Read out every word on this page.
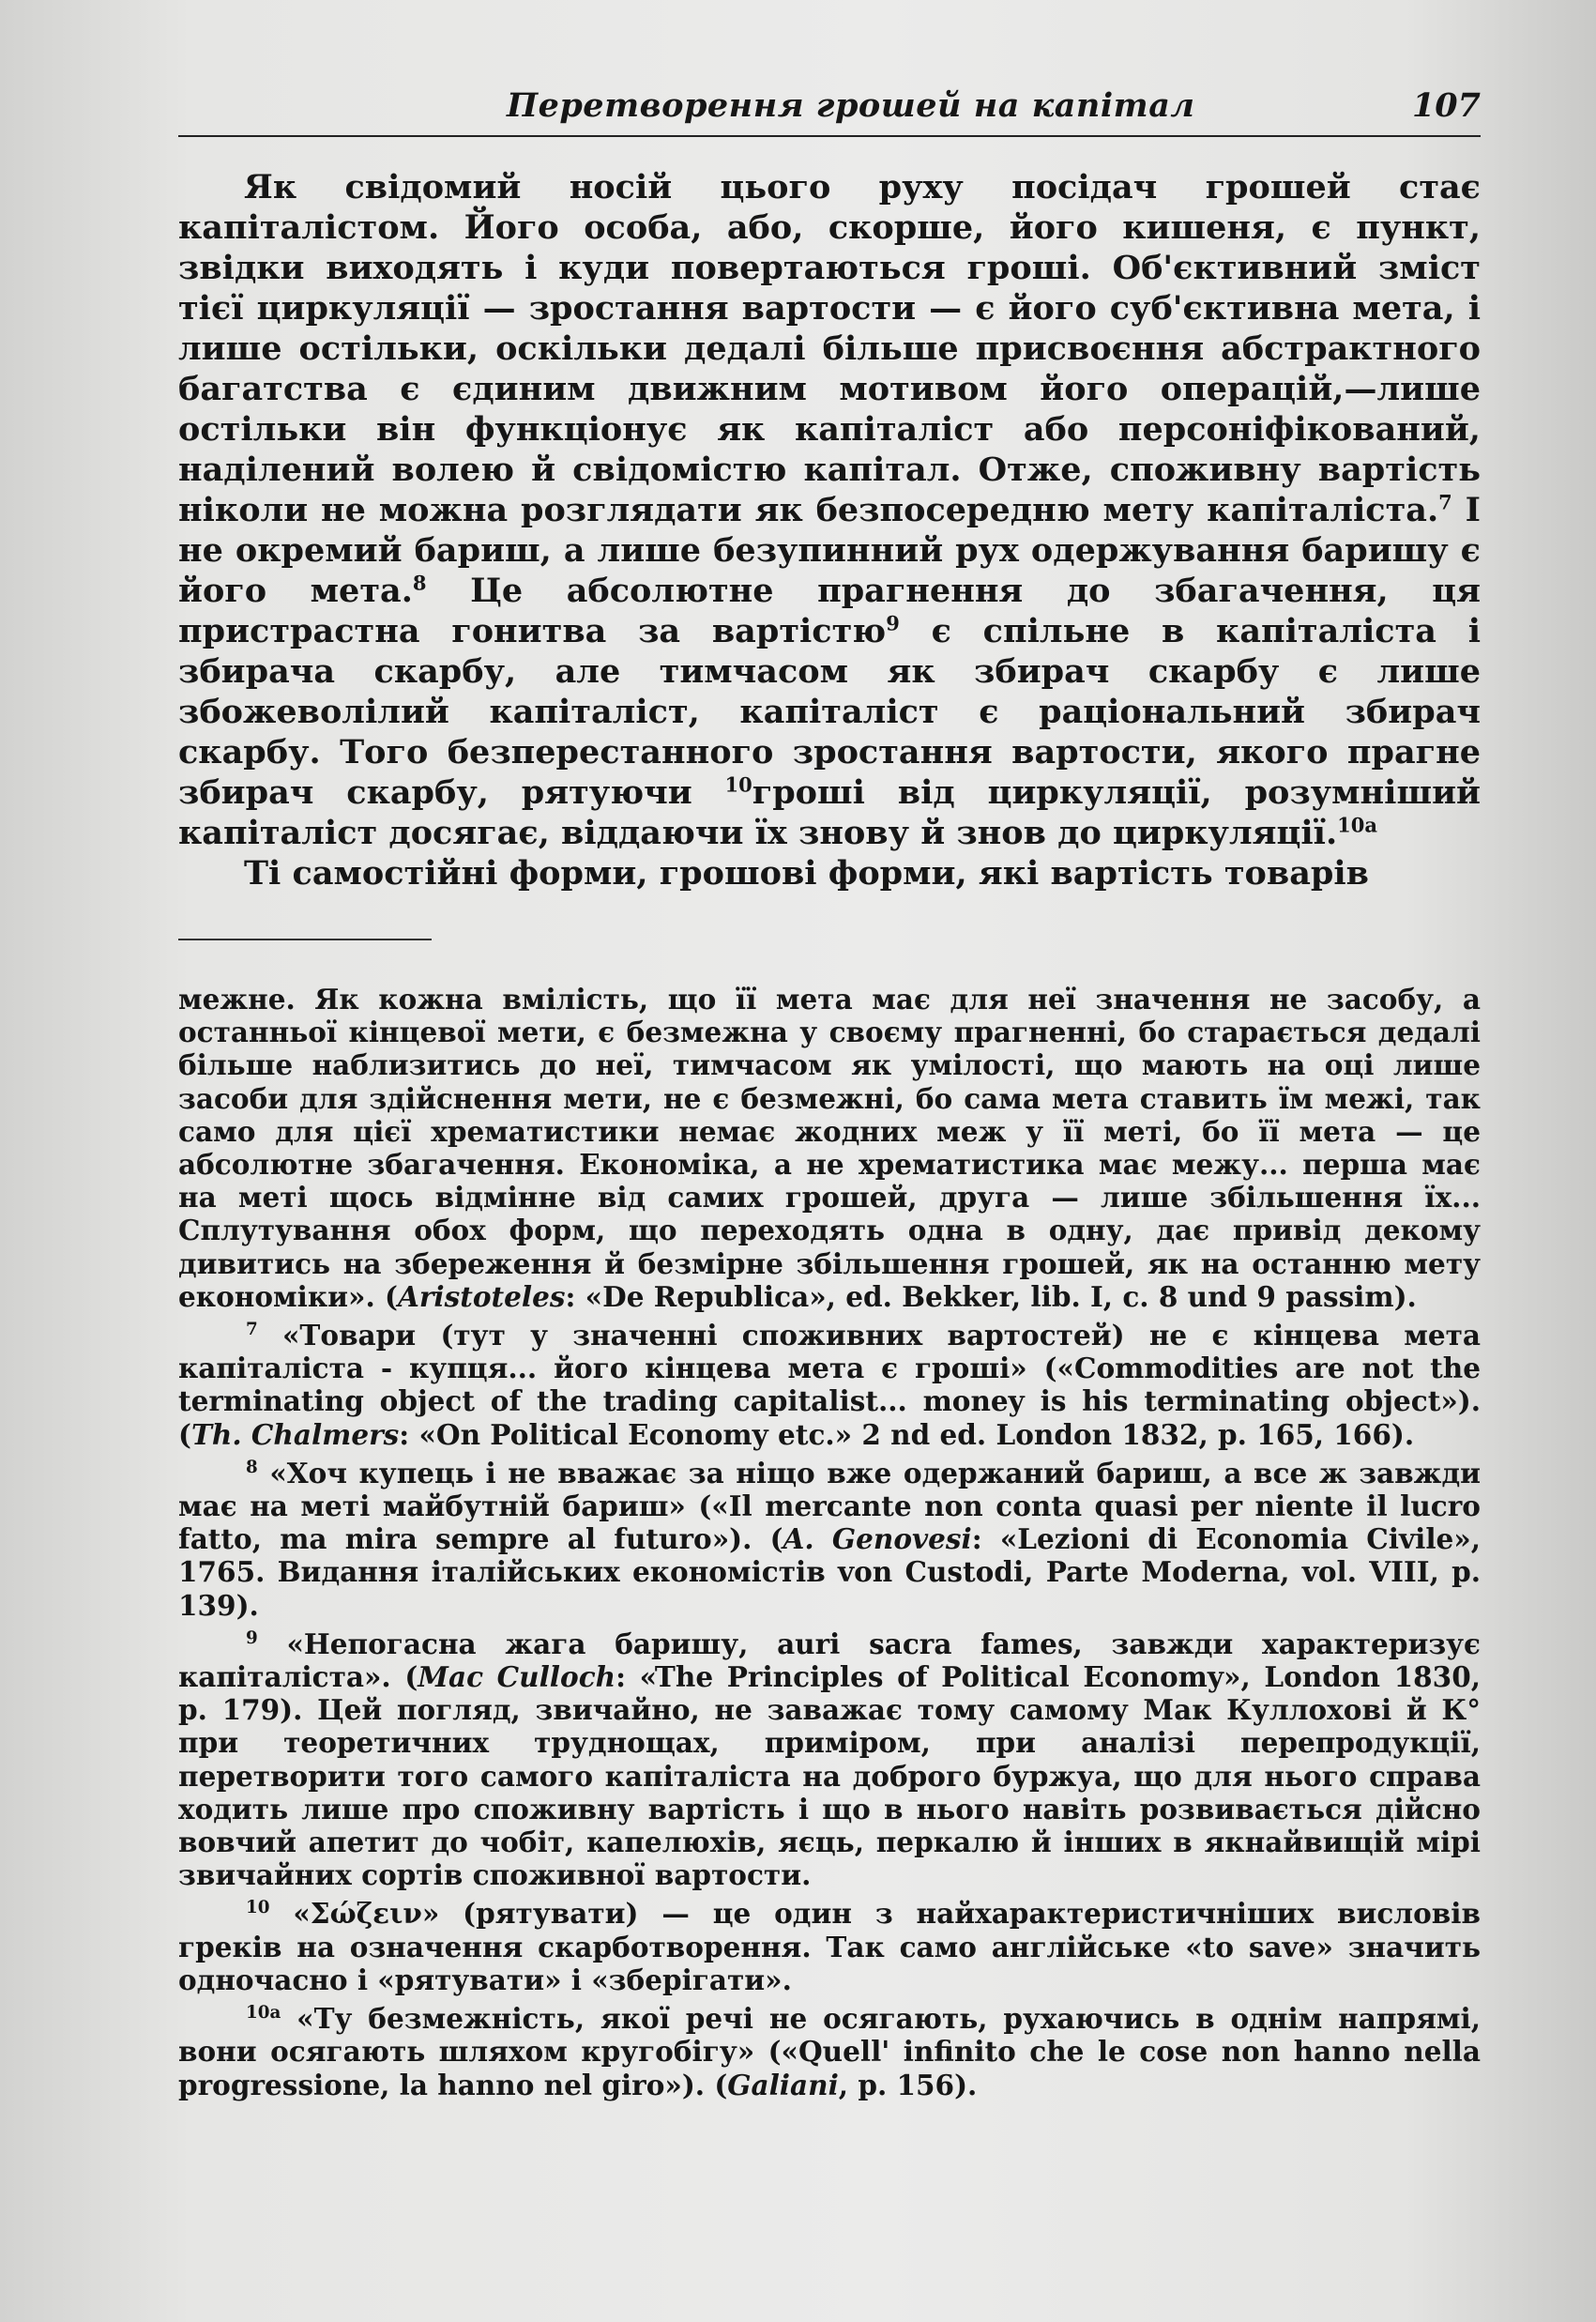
Перетворення грошей на капітал	107

Як свідомий носій цього руху посідач грошей стає капіталістом. Його особа, або, скорше, його кишеня, є пункт, звідки виходять і куди повертаються гроші. Об'єктивний зміст тієї циркуляції — зростання вартости — є його суб'єктивна мета, і лише остільки, оскільки дедалі більше присвоєння абстрактного багатства є єдиним движним мотивом його операцій,—лише остільки він функціонує як капіталіст або персоніфікований, наділений волею й свідомістю капітал. Отже, споживну вартість ніколи не можна розглядати як безпосередню мету капіталіста.$^7$ І не окремий бариш, а лише безупинний рух одержування баришу є його мета.$^8$ Це абсолютне прагнення до збагачення, ця пристрастна гонитва за вартістю$^9$ є спільне в капіталіста і збирача скарбу, але тимчасом як збирач скарбу є лише збожеволілий капіталіст, капіталіст є раціональний збирач скарбу. Того безперестанного зростання вартости, якого прагне збирач скарбу, рятуючи $^{10}$гроші від циркуляції, розумніший капіталіст досягає, віддаючи їх знову й знов до циркуляції.$^{10a}$

Ті самостійні форми, грошові форми, які вартість товарів

межне. Як кожна вмілість, що її мета має для неї значення не засобу, а останньої кінцевої мети, є безмежна у своєму прагненні, бо старається дедалі більше наблизитись до неї, тимчасом як умілості, що мають на оці лише засоби для здійснення мети, не є безмежні, бо сама мета ставить їм межі, так само для цієї хрематистики немає жодних меж у її меті, бо її мета — це абсолютне збагачення. Економіка, а не хрематистика має межу... перша має на меті щось відмінне від самих грошей, друга — лише збільшення їх... Сплутування обох форм, що переходять одна в одну, дає привід декому дивитись на збереження й безмірне збільшення грошей, як на останню мету економіки». (Aristoteles: «De Republica», ed. Bekker, lib. I, c. 8 und 9 passim).

$^7$ «Товари (тут у значенні споживних вартостей) не є кінцева мета капіталіста - купця... його кінцева мета є гроші» («Commodities are not the terminating object of the trading capitalist... money is his terminating object»). (Th. Chalmers: «On Political Economy etc.» 2 nd ed. London 1832, p. 165, 166).

$^8$ «Хоч купець і не вважає за ніщо вже одержаний бариш, а все ж завжди має на меті майбутній бариш» («Il mercante non conta quasi per niente il lucro fatto, ma mira sempre al futuro»). (A. Genovesi: «Lezioni di Economia Civile», 1765. Видання італійських економістів von Custodi, Parte Moderna, vol. VIII, p. 139).

$^9$ «Непогасна жага баришу, auri sacra fames, завжди характеризує капіталіста». (Mac Culloch: «The Principles of Political Economy», London 1830, p. 179). Цей погляд, звичайно, не заважає тому самому Мак Куллохові й К° при теоретичних труднощах, приміром, при аналізі перепродукції, перетворити того самого капіталіста на доброго буржуа, що для нього справа ходить лише про споживну вартість і що в нього навіть розвивається дійсно вовчий апетит до чобіт, капелюхів, яєць, перкалю й інших в якнайвищій мірі звичайних сортів споживної вартости.

$^{10}$ «Σώζειν» (рятувати) — це один з найхарактеристичніших висловів греків на означення скарботворення. Так само англійське «to save» значить одночасно і «рятувати» і «зберігати».

$^{10a}$ «Ту безмежність, якої речі не осягають, рухаючись в однім напрямі, вони осягають шляхом кругобігу» («Quell' infinito che le cose non hanno nella progressione, la hanno nel giro»). (Galiani, p. 156).
